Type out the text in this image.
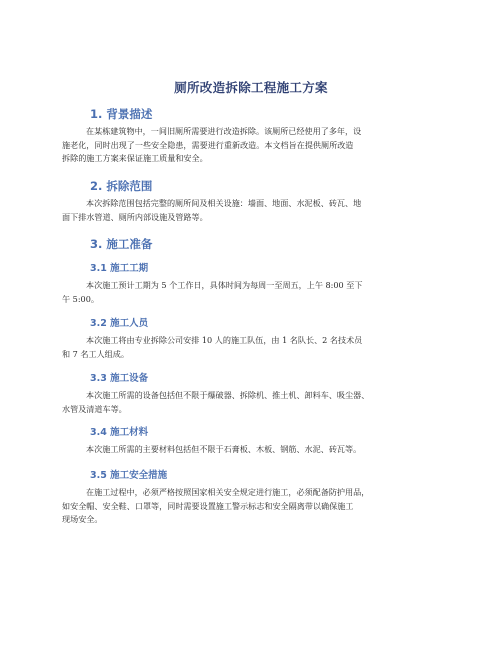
厕所改造拆除工程施工方案
1. 背景描述
在某栋建筑物中，一间旧厕所需要进行改造拆除。该厕所已经使用了多年，设
施老化，同时出现了一些安全隐患，需要进行重新改造。本文档旨在提供厕所改造
拆除的施工方案来保证施工质量和安全。
2. 拆除范围
本次拆除范围包括完整的厕所间及相关设施：墙面、地面、水泥板、砖瓦、地
面下排水管道、厕所内部设施及管路等。
3. 施工准备
3.1 施工工期
本次施工预计工期为 5 个工作日，具体时间为每周一至周五，上午 8:00 至下
午 5:00。
3.2 施工人员
本次施工将由专业拆除公司安排 10 人的施工队伍，由 1 名队长、2 名技术员
和 7 名工人组成。
3.3 施工设备
本次施工所需的设备包括但不限于爆破器、拆除机、推土机、卸料车、吸尘器、
水管及清道车等。
3.4 施工材料
本次施工所需的主要材料包括但不限于石膏板、木板、钢筋、水泥、砖瓦等。
3.5 施工安全措施
在施工过程中，必须严格按照国家相关安全规定进行施工，必须配备防护用品，
如安全帽、安全鞋、口罩等，同时需要设置施工警示标志和安全隔离带以确保施工
现场安全。
